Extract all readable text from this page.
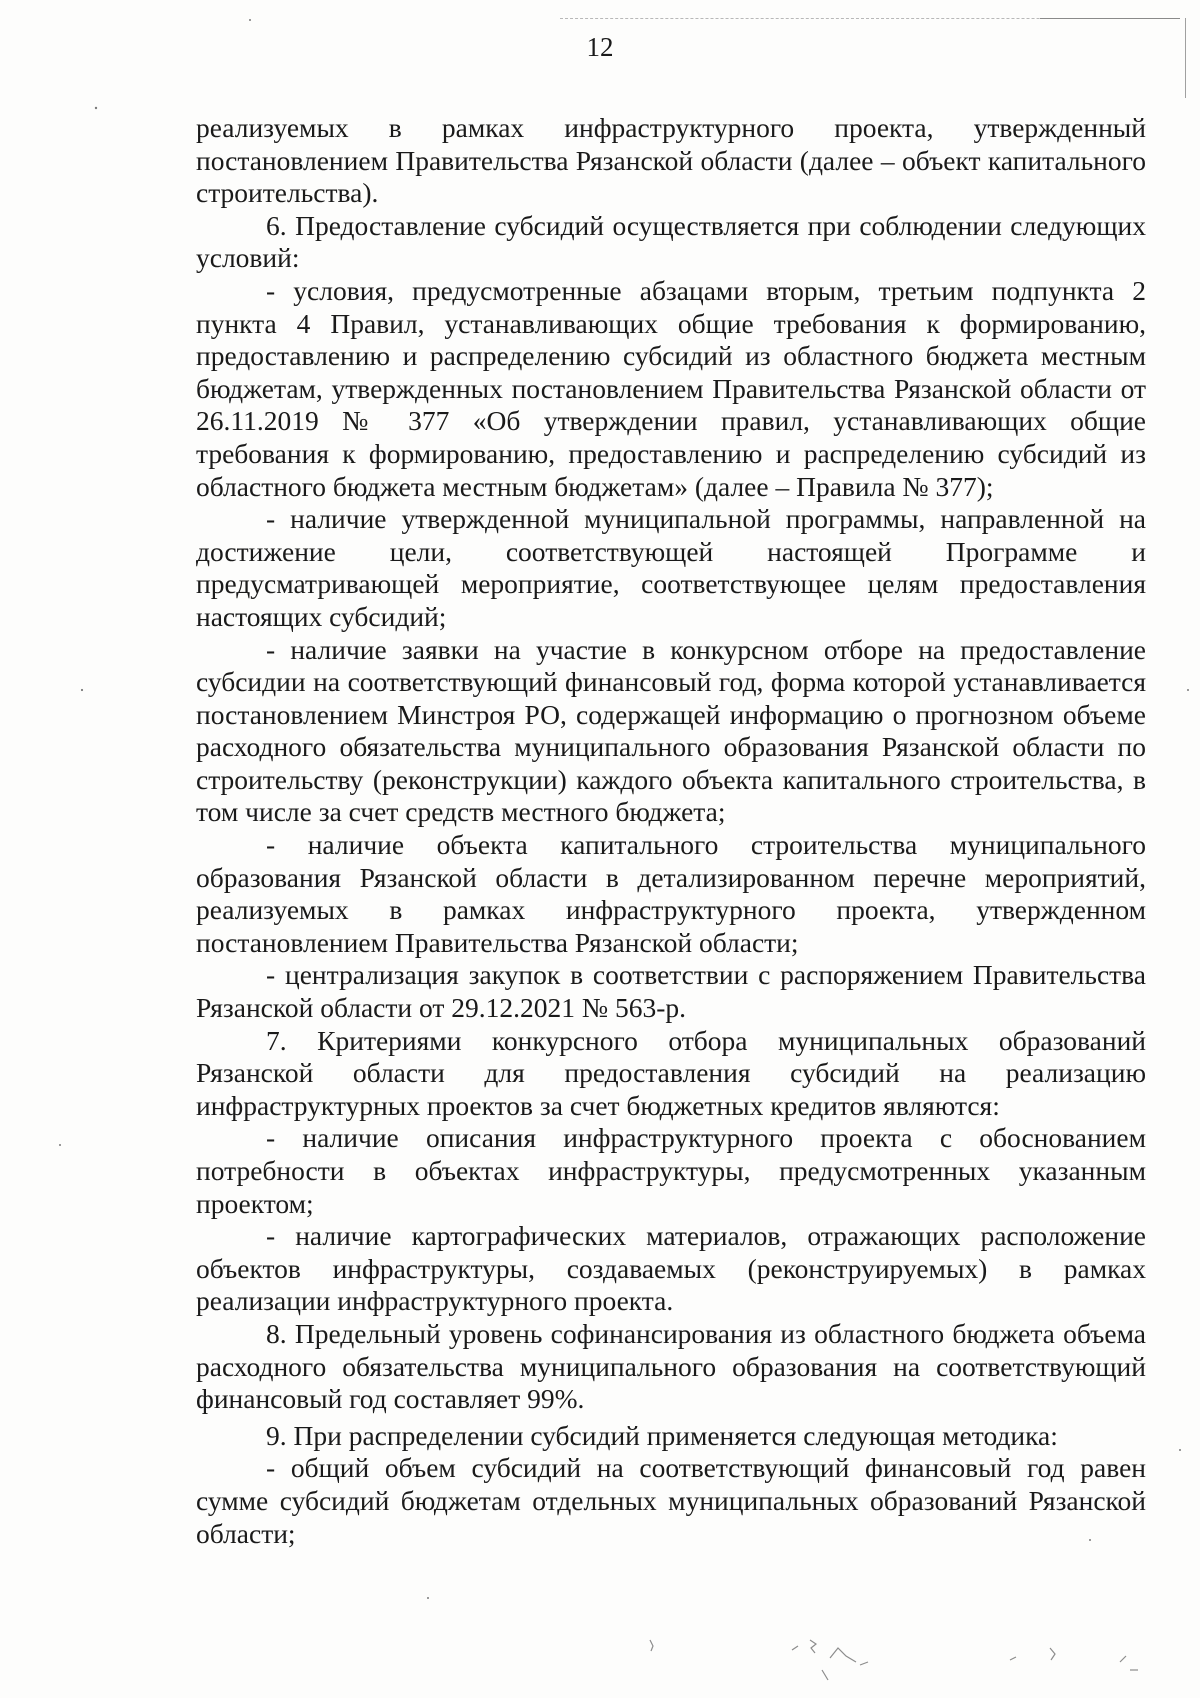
12

реализуемых в рамках инфраструктурного проекта, утвержденный постановлением Правительства Рязанской области (далее – объект капитального строительства).

6. Предоставление субсидий осуществляется при соблюдении следующих условий:

- условия, предусмотренные абзацами вторым, третьим подпункта 2 пункта 4 Правил, устанавливающих общие требования к формированию, предоставлению и распределению субсидий из областного бюджета местным бюджетам, утвержденных постановлением Правительства Рязанской области от 26.11.2019 № 377 «Об утверждении правил, устанавливающих общие требования к формированию, предоставлению и распределению субсидий из областного бюджета местным бюджетам» (далее – Правила № 377);

- наличие утвержденной муниципальной программы, направленной на достижение цели, соответствующей настоящей Программе и предусматривающей мероприятие, соответствующее целям предоставления настоящих субсидий;

- наличие заявки на участие в конкурсном отборе на предоставление субсидии на соответствующий финансовый год, форма которой устанавливается постановлением Минстроя РО, содержащей информацию о прогнозном объеме расходного обязательства муниципального образования Рязанской области по строительству (реконструкции) каждого объекта капитального строительства, в том числе за счет средств местного бюджета;

- наличие объекта капитального строительства муниципального образования Рязанской области в детализированном перечне мероприятий, реализуемых в рамках инфраструктурного проекта, утвержденном постановлением Правительства Рязанской области;

- централизация закупок в соответствии с распоряжением Правительства Рязанской области от 29.12.2021 № 563-р.

7. Критериями конкурсного отбора муниципальных образований Рязанской области для предоставления субсидий на реализацию инфраструктурных проектов за счет бюджетных кредитов являются:

- наличие описания инфраструктурного проекта с обоснованием потребности в объектах инфраструктуры, предусмотренных указанным проектом;

- наличие картографических материалов, отражающих расположение объектов инфраструктуры, создаваемых (реконструируемых) в рамках реализации инфраструктурного проекта.

8. Предельный уровень софинансирования из областного бюджета объема расходного обязательства муниципального образования на соответствующий финансовый год составляет 99%.

9. При распределении субсидий применяется следующая методика:

- общий объем субсидий на соответствующий финансовый год равен сумме субсидий бюджетам отдельных муниципальных образований Рязанской области;
